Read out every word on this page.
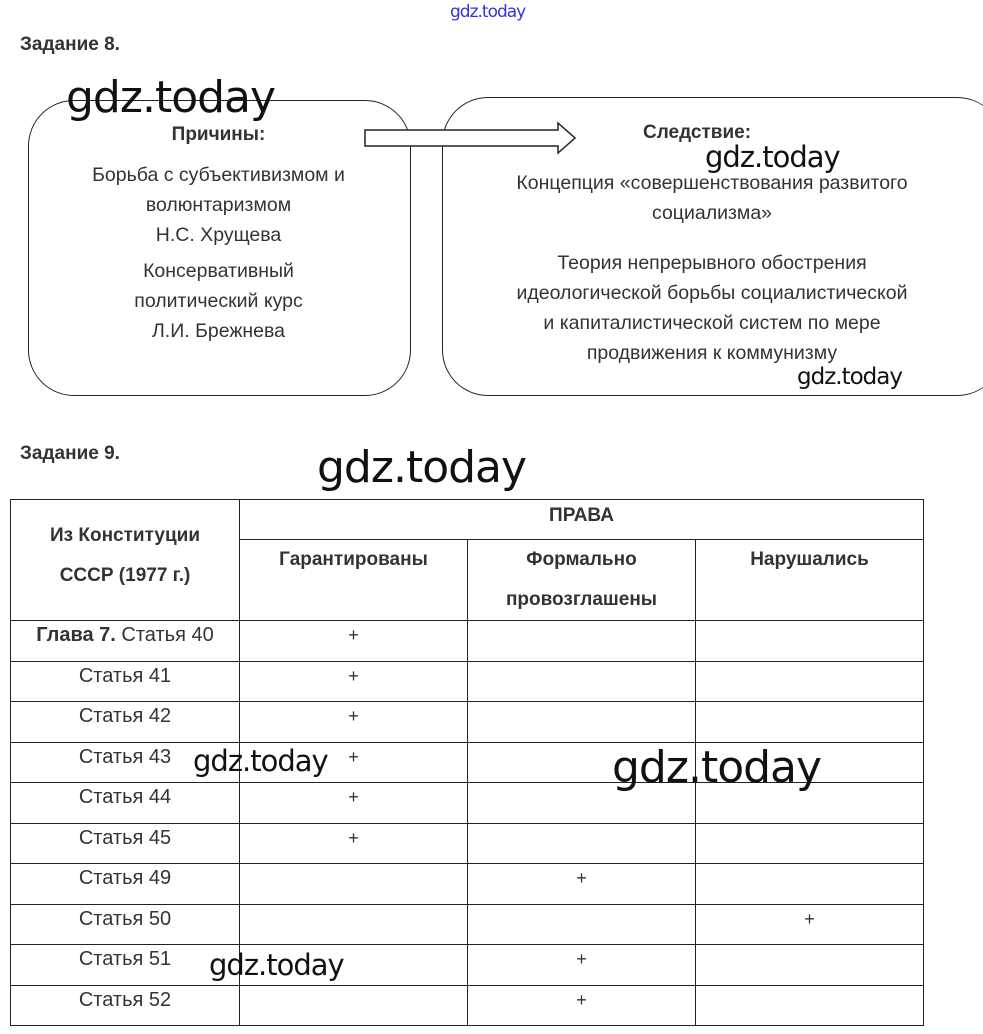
gdz.today
Задание 8.
Причины:
Борьба с субъективизмом и
волюнтаризмом
Н.С. Хрущева
Консервативный
политический курс
Л.И. Брежнева
Следствие:
Концепция «совершенствования развитого
социализма»
Теория непрерывного обострения
идеологической борьбы социалистической
и капиталистической систем по мере
продвижения к коммунизму
Задание 9.
Из Конституции
СССР (1977 г.)	ПРАВА		
	Гарантированы	Формально провозглашены	Нарушались
Глава 7. Статья 40	+		
Статья 41	+		
Статья 42	+		
Статья 43	+		
Статья 44	+		
Статья 45	+		
Статья 49		+	
Статья 50			+
Статья 51		+	
Статья 52		+	
gdz.today
gdz.today
gdz.today
gdz.today
gdz.today	gdz.today
gdz.today
